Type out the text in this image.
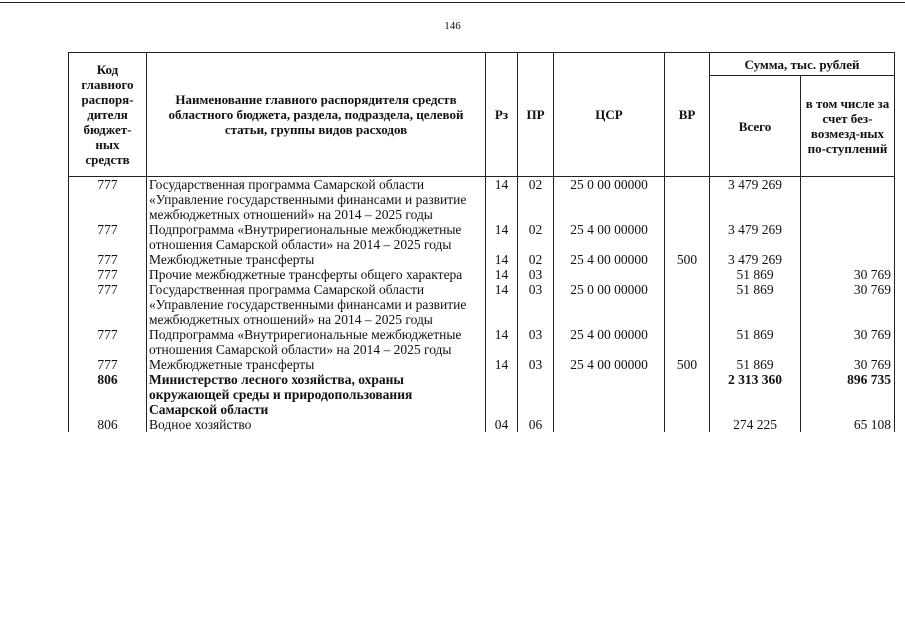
146
Код главного распоря-дителя бюджет-ных средств	Наименование главного распорядителя средств областного бюджета, раздела, подраздела, целевой статьи, группы видов расходов	Рз	ПР	ЦСР	ВР	Сумма, тыс. рублей	
						Всего	в том числе за счет без-возмезд-ных по-ступлений
777	Государственная программа Самарской области «Управление государственными финансами и развитие межбюджетных отношений» на 2014 – 2025 годы	14	02	25 0 00 00000		3 479 269	
777	Подпрограмма «Внутрирегиональные межбюджетные отношения Самарской области» на 2014 – 2025 годы	14	02	25 4 00 00000		3 479 269	
777	Межбюджетные трансферты	14	02	25 4 00 00000	500	3 479 269	
777	Прочие межбюджетные трансферты общего характера	14	03			51 869	30 769
777	Государственная программа Самарской области «Управление государственными финансами и развитие межбюджетных отношений» на 2014 – 2025 годы	14	03	25 0 00 00000		51 869	30 769
777	Подпрограмма «Внутрирегиональные межбюджетные отношения Самарской области» на 2014 – 2025 годы	14	03	25 4 00 00000		51 869	30 769
777	Межбюджетные трансферты	14	03	25 4 00 00000	500	51 869	30 769
806	Министерство лесного хозяйства, охраны окружающей среды и природопользования Самарской области					2 313 360	896 735
806	Водное хозяйство	04	06			274 225	65 108
